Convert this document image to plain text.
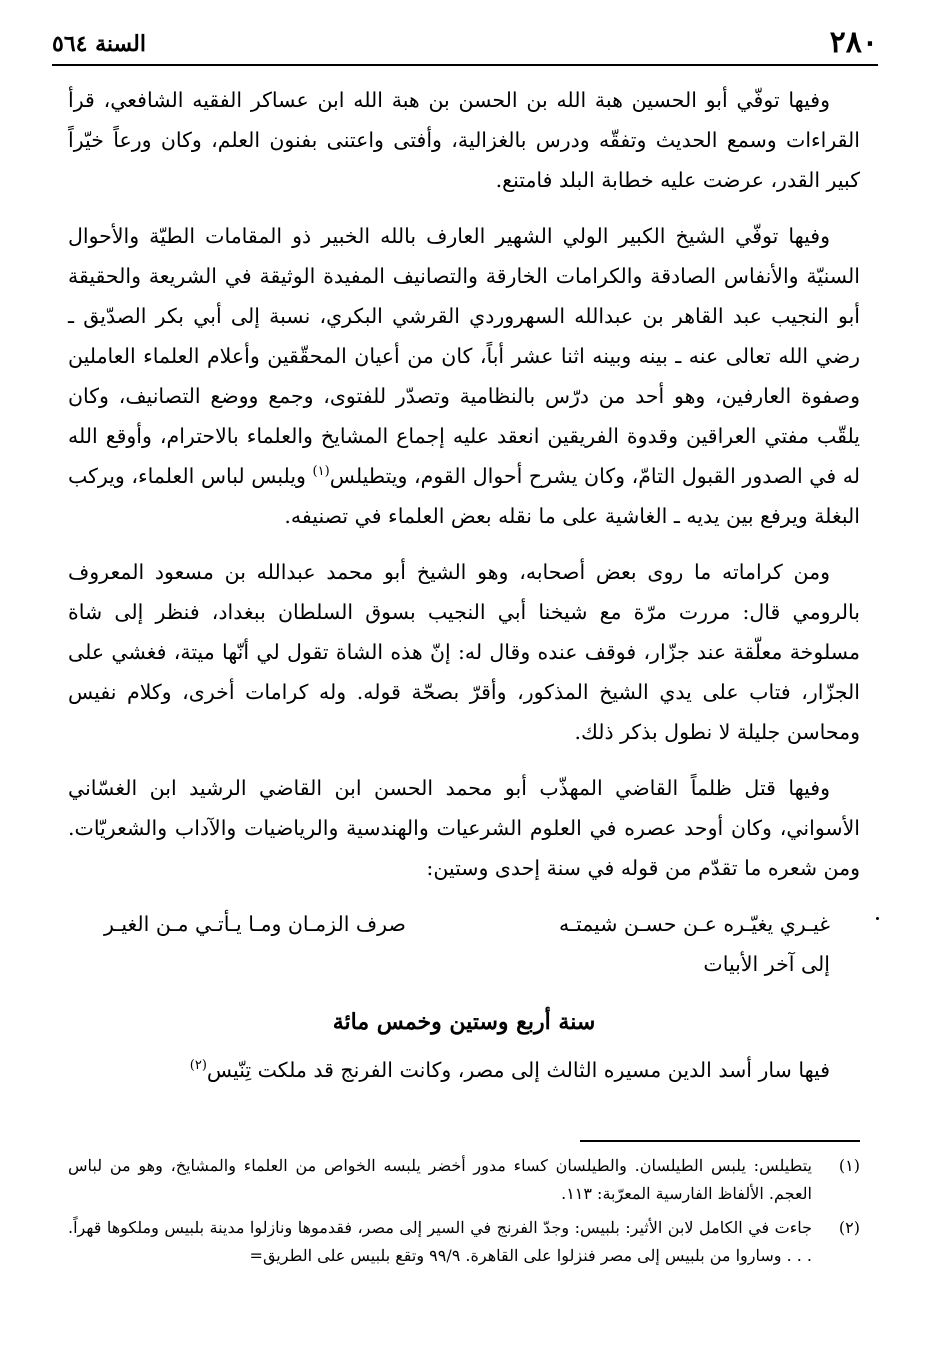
٢٨٠
السنة ٥٦٤

وفيها توفّي أبو الحسين هبة الله بن الحسن بن هبة الله ابن عساكر الفقيه الشافعي، قرأ القراءات وسمع الحديث وتفقّه ودرس بالغزالية، وأفتى واعتنى بفنون العلم، وكان ورعاً خيّراً كبير القدر، عرضت عليه خطابة البلد فامتنع.

وفيها توفّي الشيخ الكبير الولي الشهير العارف بالله الخبير ذو المقامات الطيّة والأحوال السنيّة والأنفاس الصادقة والكرامات الخارقة والتصانيف المفيدة الوثيقة في الشريعة والحقيقة أبو النجيب عبد القاهر بن عبدالله السهروردي القرشي البكري، نسبة إلى أبي بكر الصدّيق ـ رضي الله تعالى عنه ـ بينه وبينه اثنا عشر أباً، كان من أعيان المحقّقين وأعلام العلماء العاملين وصفوة العارفين، وهو أحد من درّس بالنظامية وتصدّر للفتوى، وجمع ووضع التصانيف، وكان يلقّب مفتي العراقين وقدوة الفريقين انعقد عليه إجماع المشايخ والعلماء بالاحترام، وأوقع الله له في الصدور القبول التامّ، وكان يشرح أحوال القوم، ويتطيلس$^{(١)}$ ويلبس لباس العلماء، ويركب البغلة ويرفع بين يديه ـ الغاشية على ما نقله بعض العلماء في تصنيفه.

ومن كراماته ما روى بعض أصحابه، وهو الشيخ أبو محمد عبدالله بن مسعود المعروف بالرومي قال: مررت مرّة مع شيخنا أبي النجيب بسوق السلطان ببغداد، فنظر إلى شاة مسلوخة معلّقة عند جزّار، فوقف عنده وقال له: إنّ هذه الشاة تقول لي أنّها ميتة، فغشي على الجزّار، فتاب على يدي الشيخ المذكور، وأقرّ بصحّة قوله. وله كرامات أخرى، وكلام نفيس ومحاسن جليلة لا نطول بذكر ذلك.

وفيها قتل ظلماً القاضي المهذّب أبو محمد الحسن ابن القاضي الرشيد ابن الغسّاني الأسواني، وكان أوحد عصره في العلوم الشرعيات والهندسية والرياضيات والآداب والشعريّات. ومن شعره ما تقدّم من قوله في سنة إحدى وستين:

غيـري يغيّـره عـن حسـن شيمتـه
صرف الزمـان ومـا يـأتـي مـن الغيـر

إلى آخر الأبيات

سنة أربع وستين وخمس مائة

فيها سار أسد الدين مسيره الثالث إلى مصر، وكانت الفرنج قد ملكت تِنّيس$^{(٢)}$

(١)
يتطيلس: يلبس الطيلسان. والطيلسان كساء مدور أخضر يلبسه الخواص من العلماء والمشايخ، وهو من لباس العجم. الألفاظ الفارسية المعرّبة: ١١٣.
(٢)
جاءت في الكامل لابن الأثير: بلبيس: وجدّ الفرنج في السير إلى مصر، فقدموها ونازلوا مدينة بلبيس وملكوها قهراً. . . . وساروا من بلبيس إلى مصر فنزلوا على القاهرة. ٩٩/٩ وتقع بلبيس على الطريق=
